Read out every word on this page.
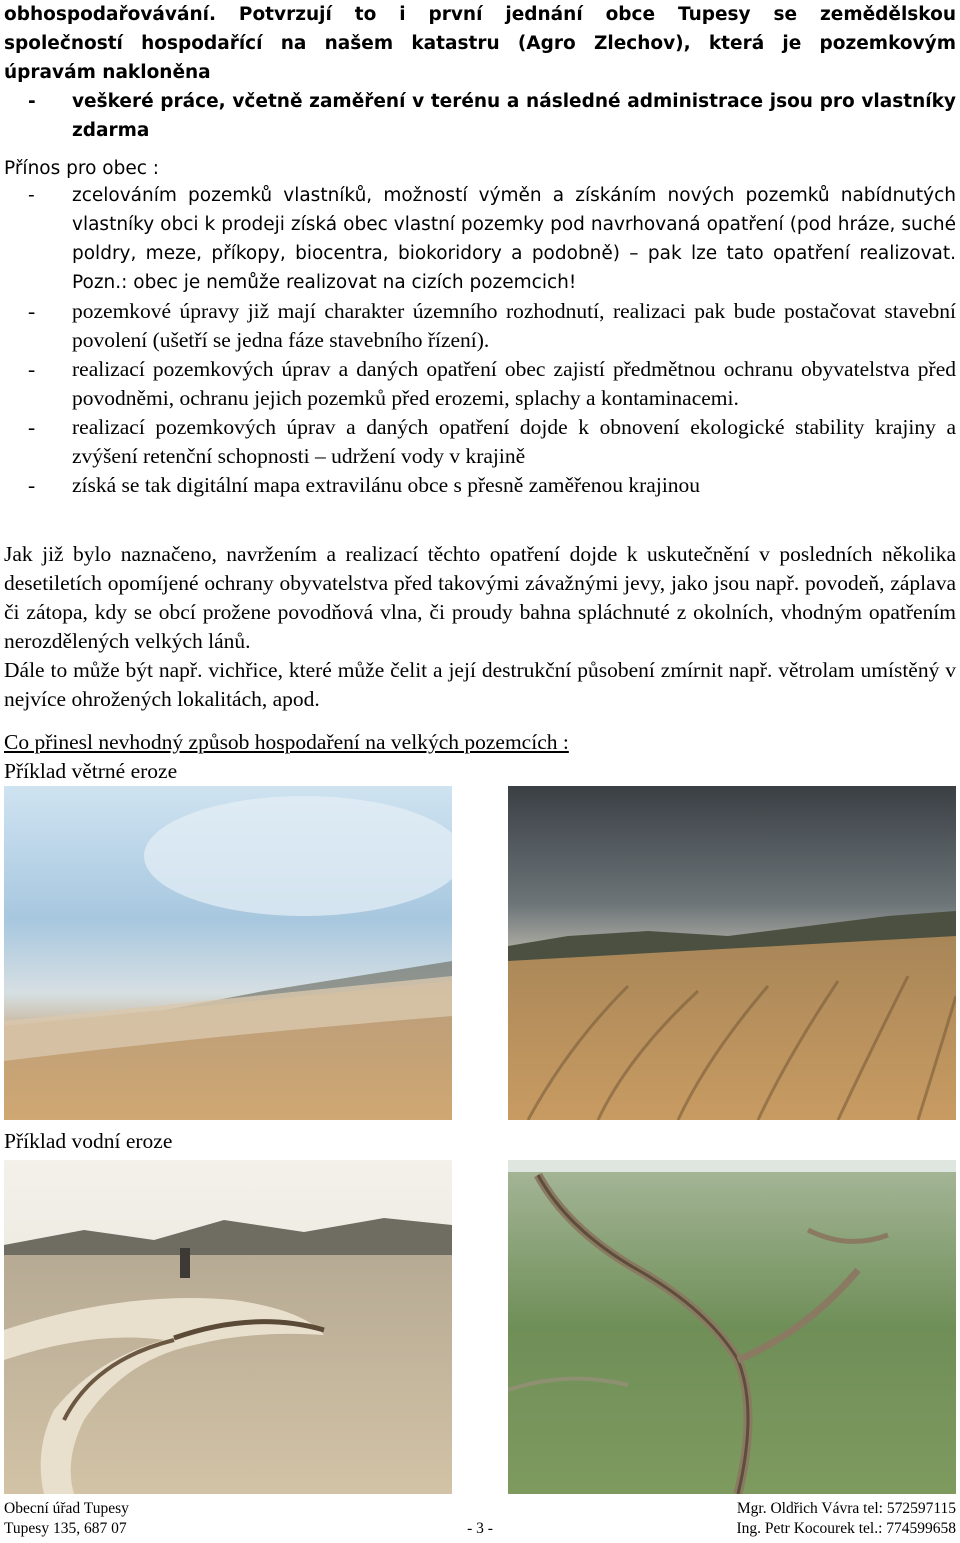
obhospodařovávání. Potvrzují to i první jednání obce Tupesy se zemědělskou
společností hospodařící na našem katastru (Agro Zlechov), která je pozemkovým
úpravám nakloněna
- veškeré práce, včetně zaměření v terénu a následné administrace jsou pro vlastníky zdarma
Přínos pro obec :
- zcelováním pozemků vlastníků, možností výměn a získáním nových pozemků nabídnutých vlastníky obci k prodeji získá obec vlastní pozemky pod navrhovaná opatření (pod hráze, suché poldry, meze, příkopy, biocentra, biokoridory a podobně) – pak lze tato opatření realizovat. Pozn.: obec je nemůže realizovat na cizích pozemcich!
- pozemkové úpravy již mají charakter územního rozhodnutí, realizaci pak bude postačovat stavební povolení (ušetří se jedna fáze stavebního řízení).
- realizací pozemkových úprav a daných opatření obec zajistí předmětnou ochranu obyvatelstva před povodněmi, ochranu jejich pozemků před erozemi, splachy a kontaminacemi.
- realizací pozemkových úprav a daných opatření dojde k obnovení ekologické stability krajiny a zvýšení retenční schopnosti – udržení vody v krajině
- získá se tak digitální mapa extravilánu obce s přesně zaměřenou krajinou

Jak již bylo naznačeno, navržením a realizací těchto opatření dojde k uskutečnění v posledních několika desetiletích opomíjené ochrany obyvatelstva před takovými závažnými jevy, jako jsou např. povodeň, záplava či zátopa, kdy se obcí prožene povodňová vlna, či proudy bahna spláchnuté z okolních, vhodným opatřením nerozdělených velkých lánů.

Dále to může být např. vichřice, které může čelit a její destrukční působení zmírnit např. větrolam umístěný v nejvíce ohrožených lokalitách, apod.

Co přinesl nevhodný způsob hospodaření na velkých pozemcích :
Příklad větrné eroze
Příklad vodní eroze
Obecní úřad Tupesy
Tupesy 135, 687 07	- 3 -
Mgr. Oldřich Vávra tel: 572597115
Ing. Petr Kocourek tel.: 774599658
